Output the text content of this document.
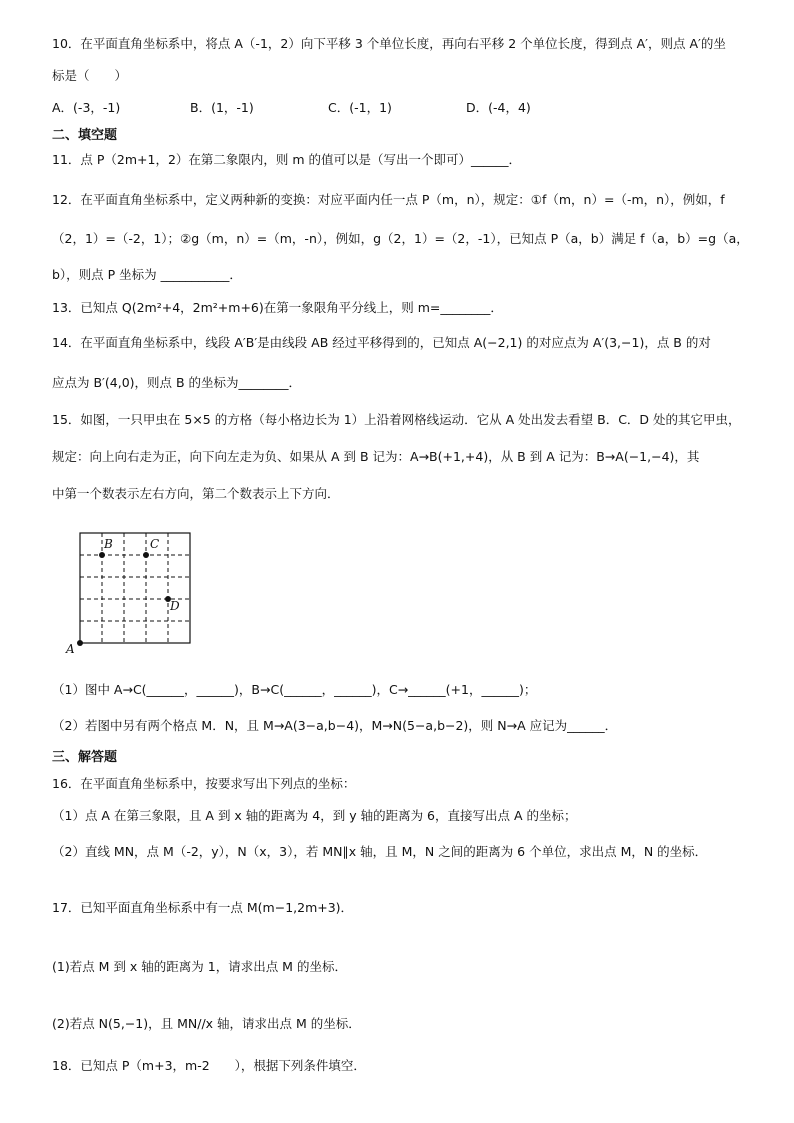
10．在平面直角坐标系中，将点 A（-1，2）向下平移 3 个单位长度，再向右平移 2 个单位长度，得到点 A′，则点 A′的坐
标是（　　）
A．(-3，-1)	B．(1，-1)	C．(-1，1)	D．(-4，4)
二、填空题
11．点 P（2m+1，2）在第二象限内，则 m 的值可以是（写出一个即可）______．
12．在平面直角坐标系中，定义两种新的变换：对应平面内任一点 P（m，n），规定：①f（m，n）=（-m，n），例如，f
（2，1）=（-2，1）；②g（m，n）=（m，-n），例如，g（2，1）=（2，-1），已知点 P（a，b）满足 f（a，b）=g（a，
b），则点 P 坐标为 ___________．
13．已知点 Q(2m²+4，2m²+m+6)在第一象限角平分线上，则 m=________．
14．在平面直角坐标系中，线段 A′B′是由线段 AB 经过平移得到的，已知点 A(−2,1) 的对应点为 A′(3,−1)，点 B 的对
应点为 B′(4,0)，则点 B 的坐标为________．
15．如图，一只甲虫在 5×5 的方格（每小格边长为 1）上沿着网格线运动．它从 A 处出发去看望 B．C．D 处的其它甲虫，
规定：向上向右走为正，向下向左走为负、如果从 A 到 B 记为：A→B(+1,+4)，从 B 到 A 记为：B→A(−1,−4)，其
中第一个数表示左右方向，第二个数表示上下方向．
A
B	C
D
（1）图中 A→C(______，______)，B→C(______，______)，C→______(+1，______)；
（2）若图中另有两个格点 M．N，且 M→A(3−a,b−4)，M→N(5−a,b−2)，则 N→A 应记为______．
三、解答题
16．在平面直角坐标系中，按要求写出下列点的坐标：
（1）点 A 在第三象限，且 A 到 x 轴的距离为 4，到 y 轴的距离为 6，直接写出点 A 的坐标；
（2）直线 MN，点 M（-2，y），N（x，3），若 MN∥x 轴，且 M，N 之间的距离为 6 个单位，求出点 M，N 的坐标．
17．已知平面直角坐标系中有一点 M(m−1,2m+3)．
(1)若点 M 到 x 轴的距离为 1，请求出点 M 的坐标．
(2)若点 N(5,−1)，且 MN//x 轴，请求出点 M 的坐标．
18．已知点 P（m+3，m-2　　），根据下列条件填空．
